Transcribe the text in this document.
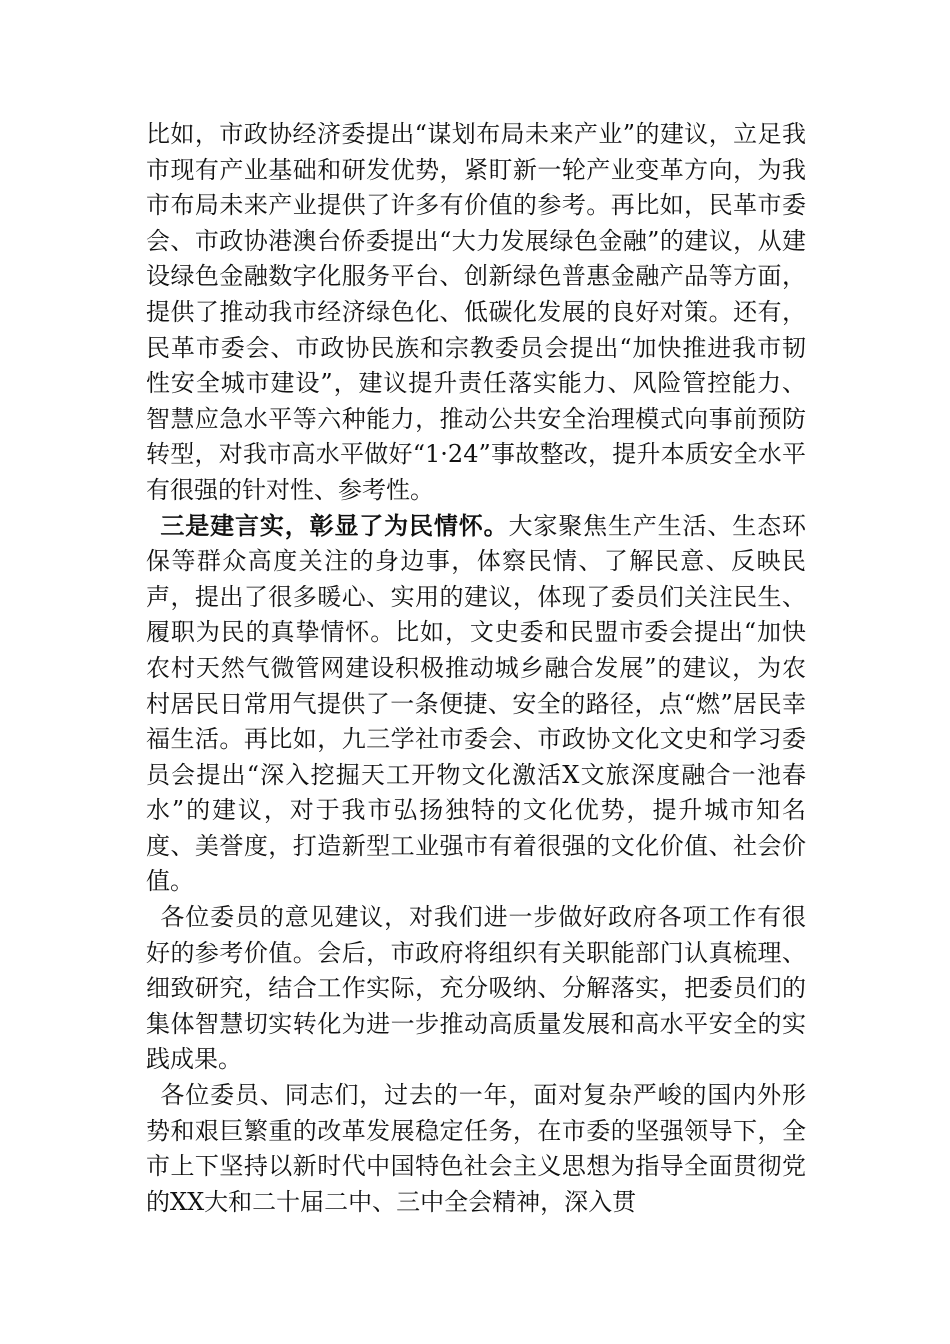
比如，市政协经济委提出“谋划布局未来产业”的建议，立足我市现有产业基础和研发优势，紧盯新一轮产业变革方向，为我市布局未来产业提供了许多有价值的参考。再比如，民革市委会、市政协港澳台侨委提出“大力发展绿色金融”的建议，从建设绿色金融数字化服务平台、创新绿色普惠金融产品等方面，提供了推动我市经济绿色化、低碳化发展的良好对策。还有，民革市委会、市政协民族和宗教委员会提出“加快推进我市韧性安全城市建设”，建议提升责任落实能力、风险管控能力、智慧应急水平等六种能力，推动公共安全治理模式向事前预防转型，对我市高水平做好“1·24”事故整改，提升本质安全水平有很强的针对性、参考性。

三是建言实，彰显了为民情怀。大家聚焦生产生活、生态环保等群众高度关注的身边事，体察民情、了解民意、反映民声，提出了很多暖心、实用的建议，体现了委员们关注民生、履职为民的真挚情怀。比如，文史委和民盟市委会提出“加快农村天然气微管网建设积极推动城乡融合发展”的建议，为农村居民日常用气提供了一条便捷、安全的路径，点“燃”居民幸福生活。再比如，九三学社市委会、市政协文化文史和学习委员会提出“深入挖掘天工开物文化激活X文旅深度融合一池春水”的建议，对于我市弘扬独特的文化优势，提升城市知名度、美誉度，打造新型工业强市有着很强的文化价值、社会价值。

各位委员的意见建议，对我们进一步做好政府各项工作有很好的参考价值。会后，市政府将组织有关职能部门认真梳理、细致研究，结合工作实际，充分吸纳、分解落实，把委员们的集体智慧切实转化为进一步推动高质量发展和高水平安全的实践成果。

各位委员、同志们，过去的一年，面对复杂严峻的国内外形势和艰巨繁重的改革发展稳定任务，在市委的坚强领导下，全市上下坚持以新时代中国特色社会主义思想为指导全面贯彻党的XX大和二十届二中、三中全会精神，深入贯
